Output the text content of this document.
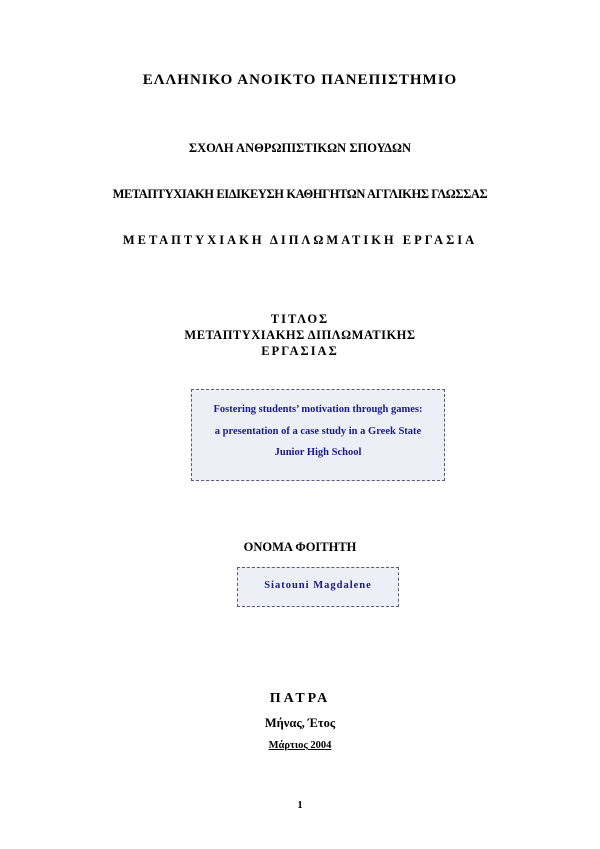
ΕΛΛΗΝΙΚΟ ΑΝΟΙΚΤΟ ΠΑΝΕΠΙΣΤΗΜΙΟ
ΣΧΟΛΗ ΑΝΘΡΩΠΙΣΤΙΚΩΝ ΣΠΟΥΔΩΝ
ΜΕΤΑΠΤΥΧΙΑΚΗ ΕΙΔΙΚΕΥΣΗ ΚΑΘΗΓΗΤΩΝ ΑΓΓΛΙΚΗΣ ΓΛΩΣΣΑΣ
ΜΕΤΑΠΤΥΧΙΑΚΗ ΔΙΠΛΩΜΑΤΙΚΗ ΕΡΓΑΣΙΑ
ΤΙΤΛΟΣ
ΜΕΤΑΠΤΥΧΙΑΚΗΣ ΔΙΠΛΩΜΑΤΙΚΗΣ
ΕΡΓΑΣΙΑΣ
Fostering students’ motivation through games:
a presentation of a case study in a Greek State
Junior High School
ΟΝΟΜΑ ΦΟΙΤΗΤΗ
Siatouni Magdalene
ΠΑΤΡΑ
Μήνας, Έτος
Μάρτιος 2004
1
